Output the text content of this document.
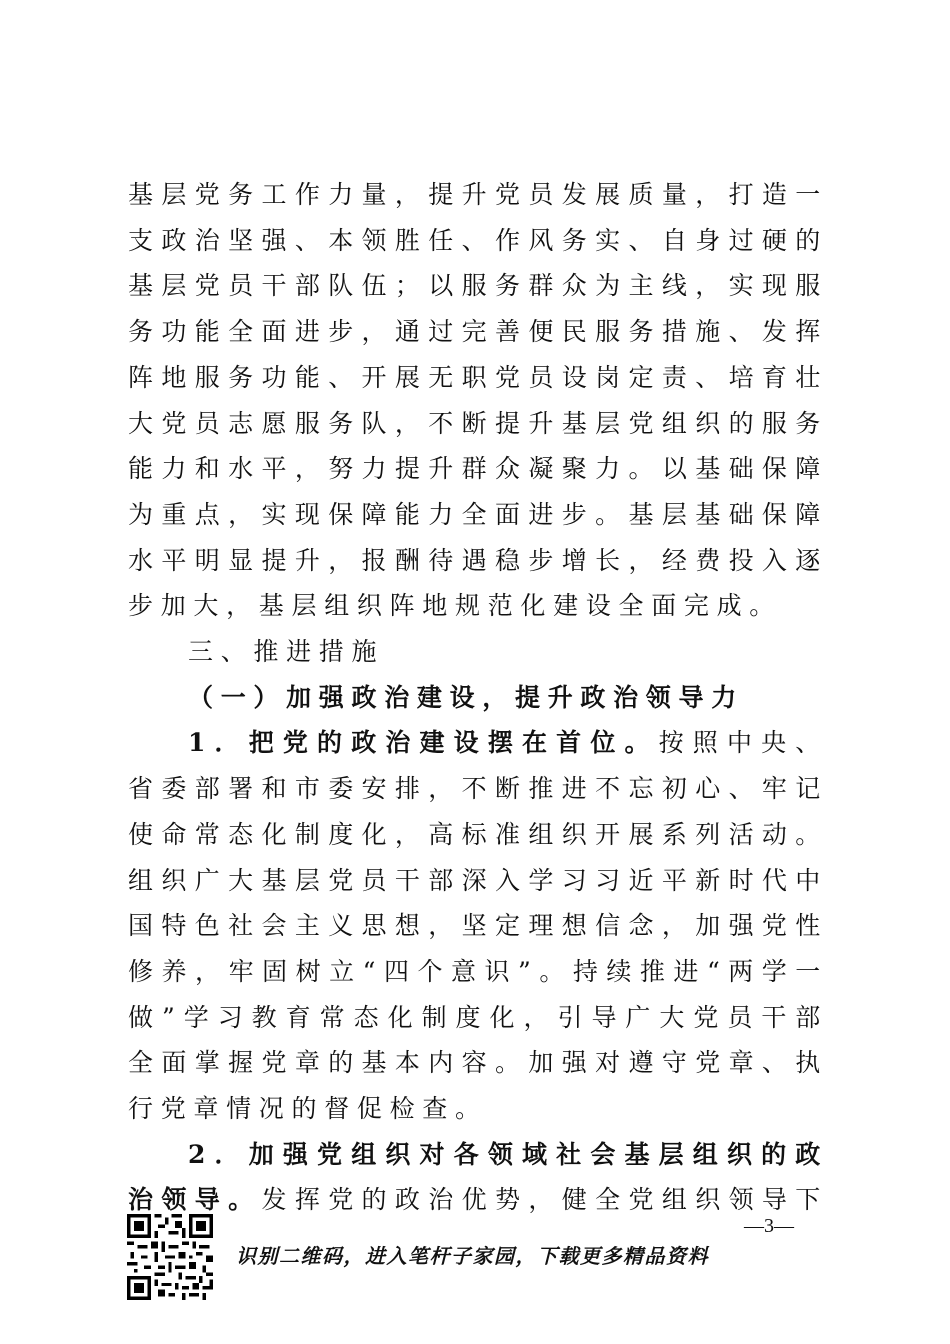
基层党务工作力量，提升党员发展质量，打造一支政治坚强、本领胜任、作风务实、自身过硬的基层党员干部队伍；以服务群众为主线，实现服务功能全面进步，通过完善便民服务措施、发挥阵地服务功能、开展无职党员设岗定责、培育壮大党员志愿服务队，不断提升基层党组织的服务能力和水平，努力提升群众凝聚力。以基础保障为重点，实现保障能力全面进步。基层基础保障水平明显提升，报酬待遇稳步增长，经费投入逐步加大，基层组织阵地规范化建设全面完成。

三、推进措施

（一）加强政治建设，提升政治领导力

1．把党的政治建设摆在首位。按照中央、省委部署和市委安排，不断推进不忘初心、牢记使命常态化制度化，高标准组织开展系列活动。组织广大基层党员干部深入学习习近平新时代中国特色社会主义思想，坚定理想信念，加强党性修养，牢固树立“四个意识”。持续推进“两学一做”学习教育常态化制度化，引导广大党员干部全面掌握党章的基本内容。加强对遵守党章、执行党章情况的督促检查。

2．加强党组织对各领域社会基层组织的政治领导。发挥党的政治优势，健全党组织领导下

—3—
识别二维码，进入笔杆子家园，下载更多精品资料
